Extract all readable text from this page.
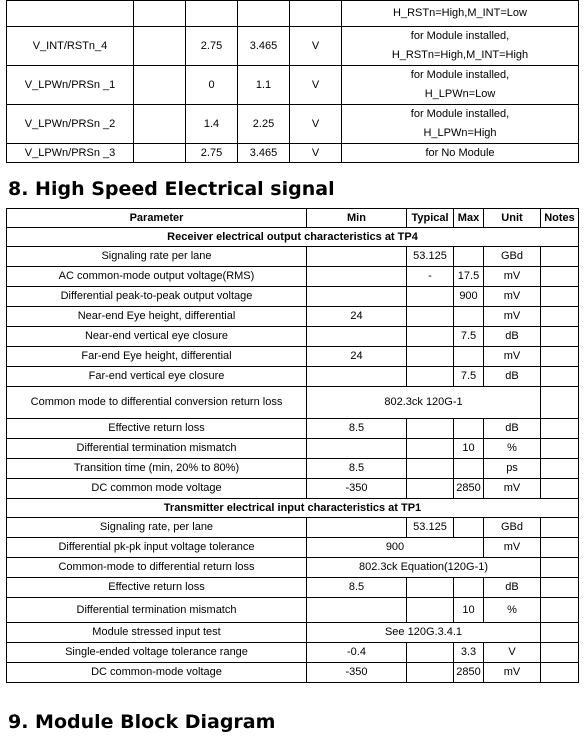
					H_RSTn=High,M_INT=Low
V_INT/RSTn_4		2.75	3.465	V	for Module installed,
H_RSTn=High,M_INT=High
V_LPWn/PRSn _1		0	1.1	V	for Module installed,
H_LPWn=Low
V_LPWn/PRSn _2		1.4	2.25	V	for Module installed,
H_LPWn=High
V_LPWn/PRSn _3		2.75	3.465	V	for No Module
8. High Speed Electrical signal
Parameter	Min	Typical	Max	Unit	Notes
Receiver electrical output characteristics at TP4					
Signaling rate per lane		53.125		GBd	
AC common-mode output voltage(RMS)		-	17.5	mV	
Differential peak-to-peak output voltage			900	mV	
Near-end Eye height, differential	24			mV	
Near-end vertical eye closure			7.5	dB	
Far-end Eye height, differential	24			mV	
Far-end vertical eye closure			7.5	dB	
Common mode to differential conversion return loss	802.3ck 120G-1				
Effective return loss	8.5			dB	
Differential termination mismatch			10	%	
Transition time (min, 20% to 80%)	8.5			ps	
DC common mode voltage	-350		2850	mV	
Transmitter electrical input characteristics at TP1					
Signaling rate, per lane		53.125		GBd	
Differential pk-pk input voltage tolerance	900			mV	
Common-mode to differential return loss	802.3ck Equation(120G-1)				
Effective return loss	8.5			dB	
Differential termination mismatch			10	%	
Module stressed input test	See 120G.3.4.1				
Single-ended voltage tolerance range	-0.4		3.3	V	
DC common-mode voltage	-350		2850	mV	
9. Module Block Diagram
